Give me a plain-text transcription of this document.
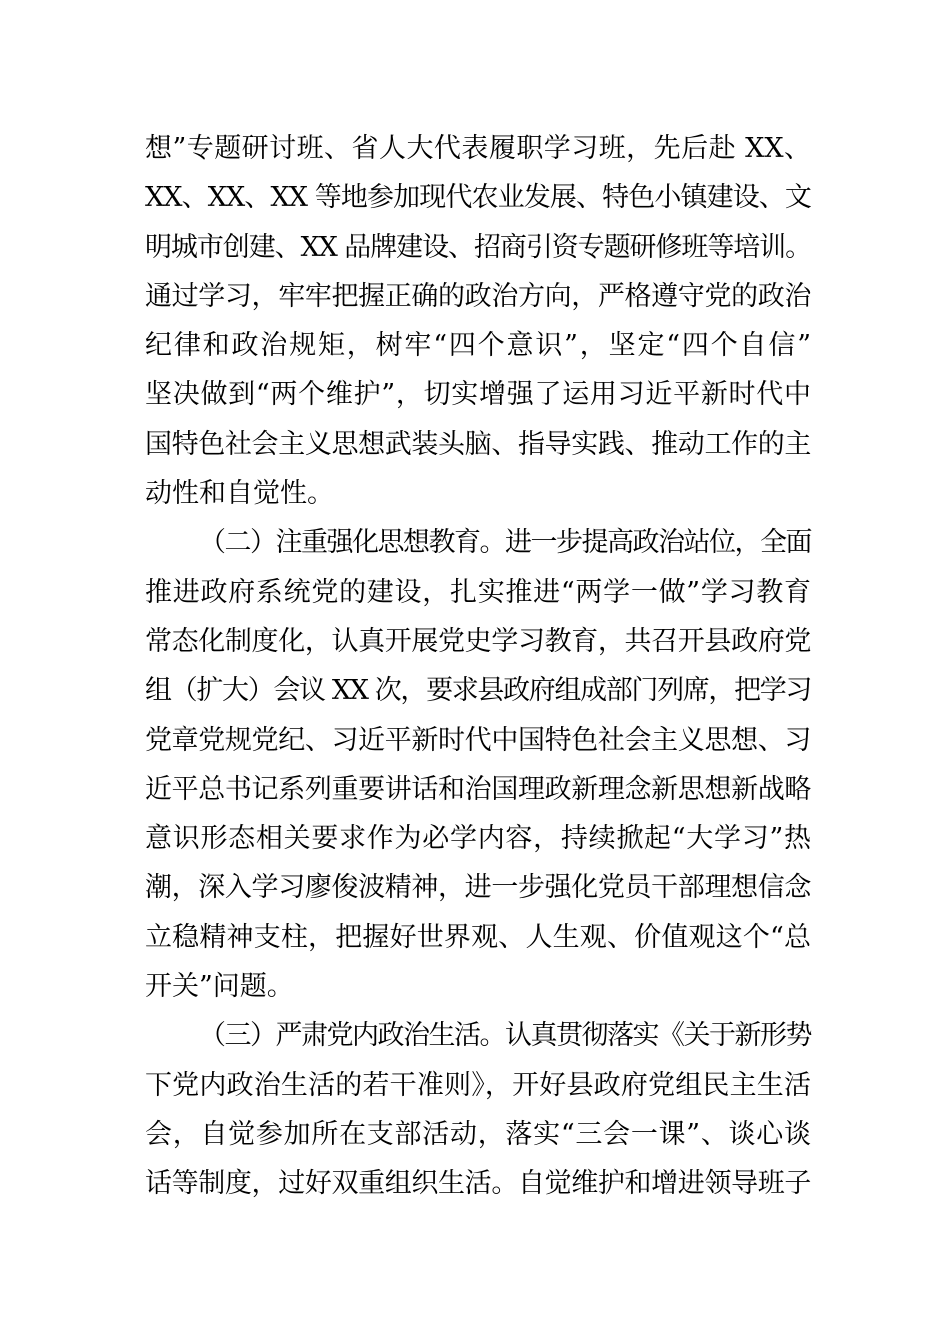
想”专题研讨班、省人大代表履职学习班，先后赴 XX、
XX、XX、XX 等地参加现代农业发展、特色小镇建设、文
明城市创建、XX 品牌建设、招商引资专题研修班等培训。
通过学习，牢牢把握正确的政治方向，严格遵守党的政治
纪律和政治规矩，树牢“四个意识”，坚定“四个自信”
坚决做到“两个维护”，切实增强了运用习近平新时代中
国特色社会主义思想武装头脑、指导实践、推动工作的主
动性和自觉性。
（二）注重强化思想教育。进一步提高政治站位，全面
推进政府系统党的建设，扎实推进“两学一做”学习教育
常态化制度化，认真开展党史学习教育，共召开县政府党
组（扩大）会议 XX 次，要求县政府组成部门列席，把学习
党章党规党纪、习近平新时代中国特色社会主义思想、习
近平总书记系列重要讲话和治国理政新理念新思想新战略
意识形态相关要求作为必学内容，持续掀起“大学习”热
潮，深入学习廖俊波精神，进一步强化党员干部理想信念
立稳精神支柱，把握好世界观、人生观、价值观这个“总
开关”问题。
（三）严肃党内政治生活。认真贯彻落实《关于新形势
下党内政治生活的若干准则》，开好县政府党组民主生活
会，自觉参加所在支部活动，落实“三会一课”、谈心谈
话等制度，过好双重组织生活。自觉维护和增进领导班子
